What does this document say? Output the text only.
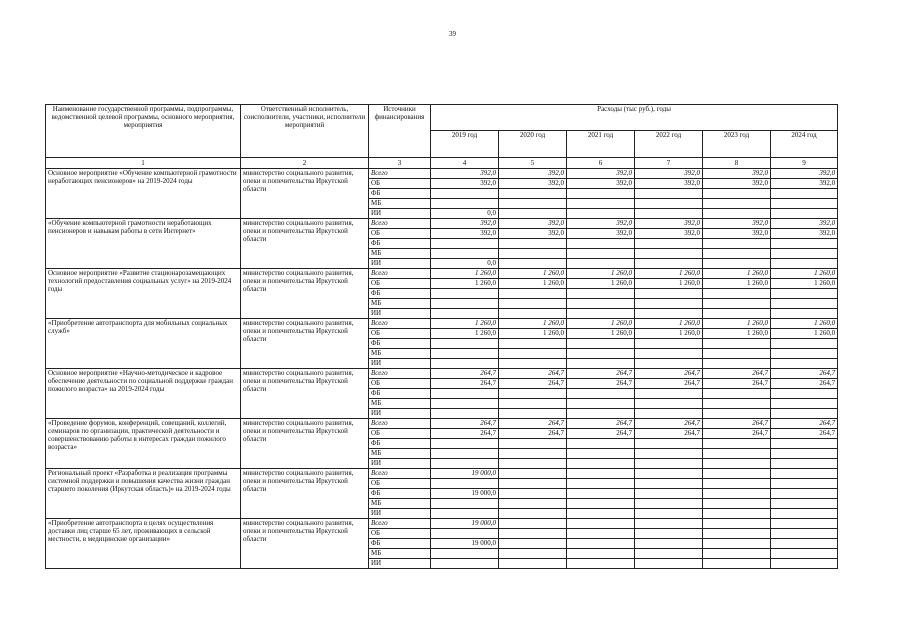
39
Наименование государственной программы, подпрограммы, ведомственной целевой программы, основного мероприятия, мероприятия	Ответственный исполнитель, соисполнители, участники, исполнители мероприятий	Источники финансирования	Расходы (тыс руб.), годы					
			2019 год	2020 год	2021 год	2022 год	2023 год	2024 год
1	2	3	4	5	6	7	8	9
Основное мероприятие «Обучение компьютерной грамотности неработающих пенсионеров» на 2019-2024 годы	министерство социального развития, опеки и попечительства Иркутской области	Всего	392,0	392,0	392,0	392,0	392,0	392,0
		ОБ	392,0	392,0	392,0	392,0	392,0	392,0
		ФБ						
		МБ						
		ИИ	0,0					
«Обучение компьютерной грамотности неработающих пенсионеров и навыкам работы в сети Интернет»	министерство социального развития, опеки и попечительства Иркутской области	Всего	392,0	392,0	392,0	392,0	392,0	392,0
		ОБ	392,0	392,0	392,0	392,0	392,0	392,0
		ФБ						
		МБ						
		ИИ	0,0					
Основное мероприятие «Развитие стационарозамещающих технологий предоставления социальных услуг» на 2019-2024 годы	министерство социального развития, опеки и попечительства Иркутской области	Всего	1 260,0	1 260,0	1 260,0	1 260,0	1 260,0	1 260,0
		ОБ	1 260,0	1 260,0	1 260,0	1 260,0	1 260,0	1 260,0
		ФБ						
		МБ						
		ИИ						
«Приобретение автотранспорта для мобильных социальных служб»	министерство социального развития, опеки и попечительства Иркутской области	Всего	1 260,0	1 260,0	1 260,0	1 260,0	1 260,0	1 260,0
		ОБ	1 260,0	1 260,0	1 260,0	1 260,0	1 260,0	1 260,0
		ФБ						
		МБ						
		ИИ						
Основное мероприятие «Научно-методическое и кадровое обеспечение деятельности по социальной поддержке граждан пожилого возраста» на 2019-2024 годы	министерство социального развития, опеки и попечительства Иркутской области	Всего	264,7	264,7	264,7	264,7	264,7	264,7
		ОБ	264,7	264,7	264,7	264,7	264,7	264,7
		ФБ						
		МБ						
		ИИ						
«Проведение форумов, конференций, совещаний, коллегий, семинаров по организации, практической деятельности и совершенствованию работы в интересах граждан пожилого возраста»	министерство социального развития, опеки и попечительства Иркутской области	Всего	264,7	264,7	264,7	264,7	264,7	264,7
		ОБ	264,7	264,7	264,7	264,7	264,7	264,7
		ФБ						
		МБ						
		ИИ						
Региональный проект «Разработка и реализация программы системной поддержки и повышения качества жизни граждан старшего поколения (Иркутская область)» на 2019-2024 годы	министерство социального развития, опеки и попечительства Иркутской области	Всего	19 000,0					
		ОБ						
		ФБ	19 000,0					
		МБ						
		ИИ						
«Приобретение автотранспорта в целях осуществления доставки лиц старше 65 лет, проживающих в сельской местности, в медицинские организации»	министерство социального развития, опеки и попечительства Иркутской области	Всего	19 000,0					
		ОБ						
		ФБ	19 000,0					
		МБ						
		ИИ						
